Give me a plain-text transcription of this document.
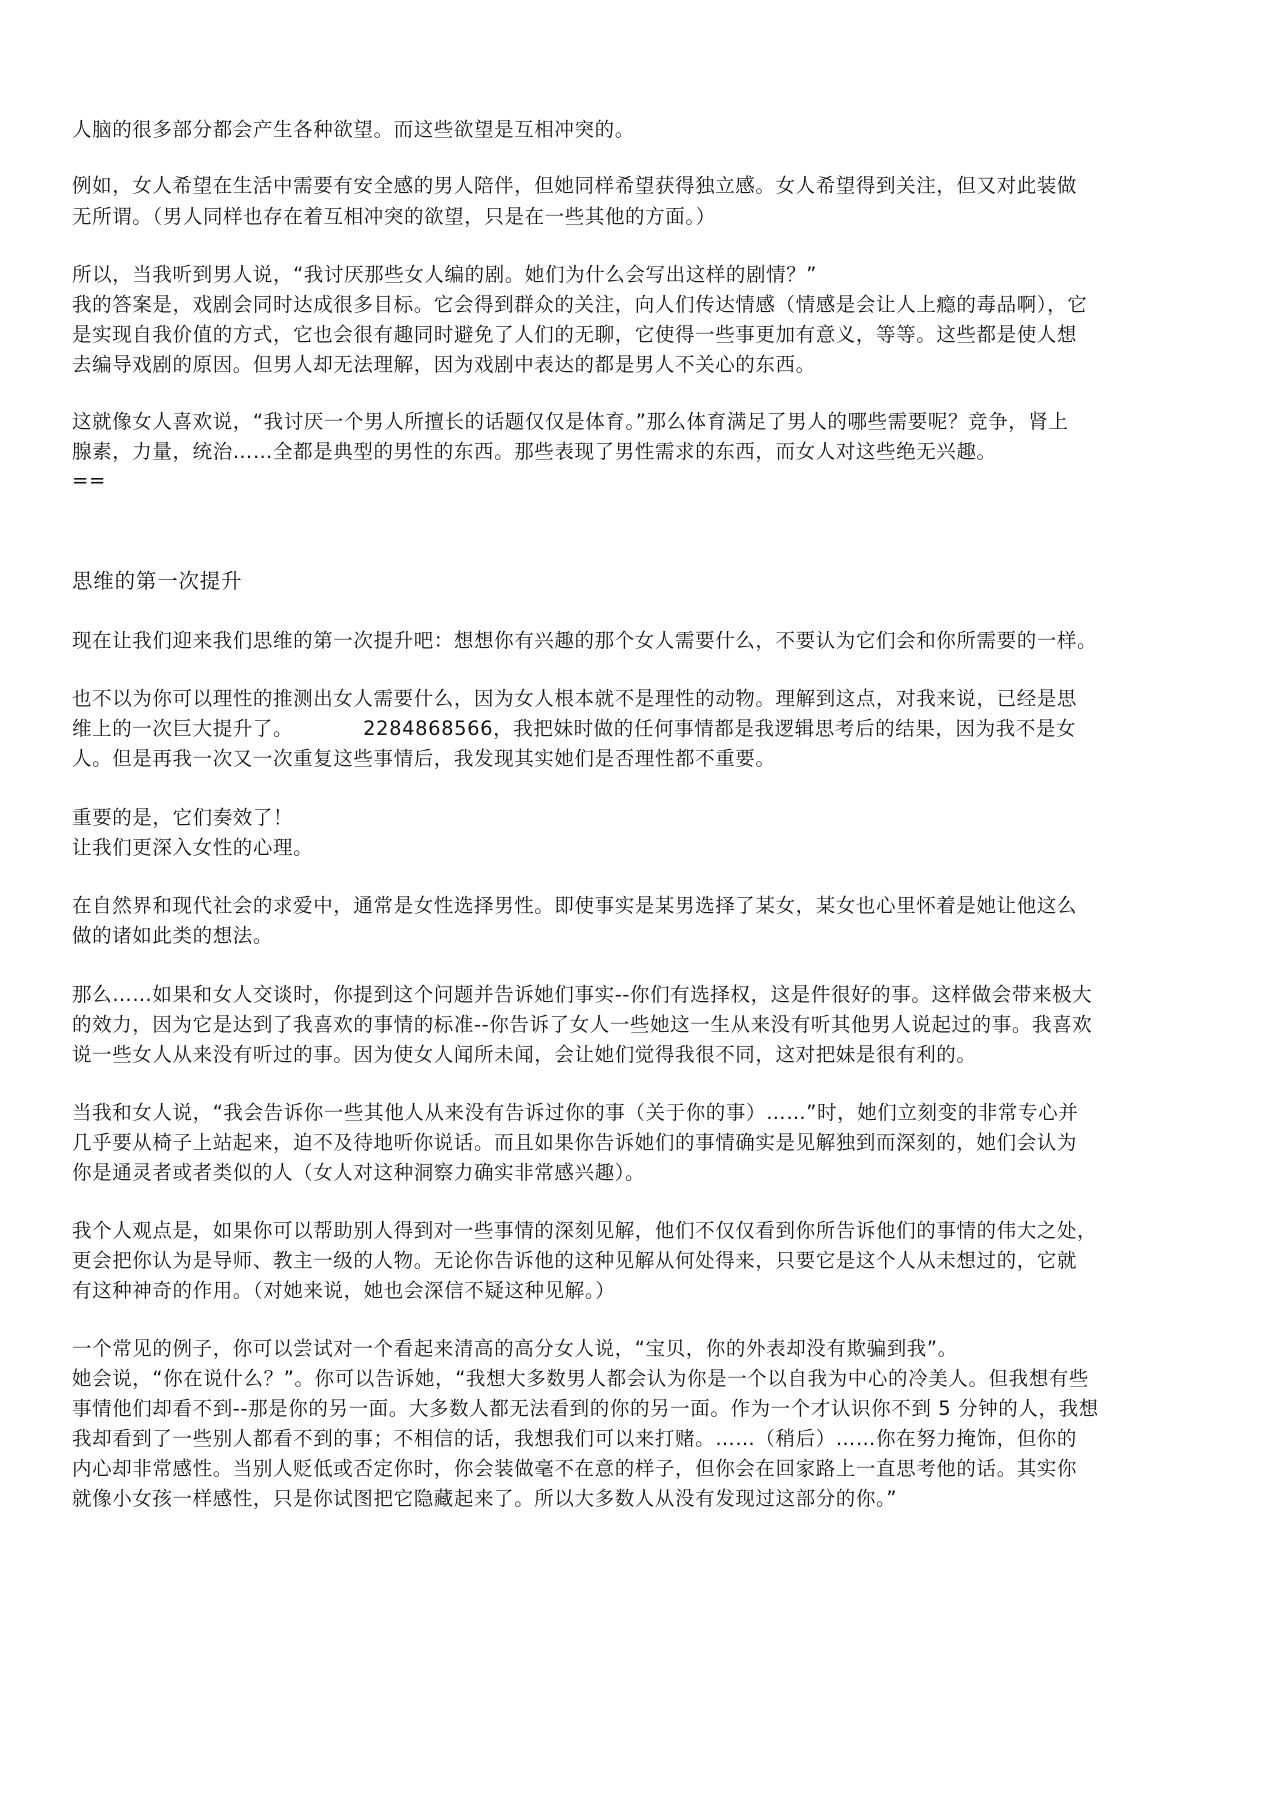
人脑的很多部分都会产生各种欲望。而这些欲望是互相冲突的。
例如，女人希望在生活中需要有安全感的男人陪伴，但她同样希望获得独立感。女人希望得到关注，但又对此装做
无所谓。（男人同样也存在着互相冲突的欲望，只是在一些其他的方面。）
所以，当我听到男人说，“我讨厌那些女人编的剧。她们为什么会写出这样的剧情？”
我的答案是，戏剧会同时达成很多目标。它会得到群众的关注，向人们传达情感（情感是会让人上瘾的毒品啊），它
是实现自我价值的方式，它也会很有趣同时避免了人们的无聊，它使得一些事更加有意义，等等。这些都是使人想
去编导戏剧的原因。但男人却无法理解，因为戏剧中表达的都是男人不关心的东西。
这就像女人喜欢说，“我讨厌一个男人所擅长的话题仅仅是体育。”那么体育满足了男人的哪些需要呢？竞争，肾上
腺素，力量，统治……全都是典型的男性的东西。那些表现了男性需求的东西，而女人对这些绝无兴趣。
==
思维的第一次提升
现在让我们迎来我们思维的第一次提升吧：想想你有兴趣的那个女人需要什么，不要认为它们会和你所需要的一样。
也不以为你可以理性的推测出女人需要什么，因为女人根本就不是理性的动物。理解到这点，对我来说，已经是思
维上的一次巨大提升了。	2284868566，我把妹时做的任何事情都是我逻辑思考后的结果，因为我不是女
人。但是再我一次又一次重复这些事情后，我发现其实她们是否理性都不重要。
重要的是，它们奏效了！
让我们更深入女性的心理。
在自然界和现代社会的求爱中，通常是女性选择男性。即使事实是某男选择了某女，某女也心里怀着是她让他这么
做的诸如此类的想法。
那么……如果和女人交谈时，你提到这个问题并告诉她们事实--你们有选择权，这是件很好的事。这样做会带来极大
的效力，因为它是达到了我喜欢的事情的标准--你告诉了女人一些她这一生从来没有听其他男人说起过的事。我喜欢
说一些女人从来没有听过的事。因为使女人闻所未闻，会让她们觉得我很不同，这对把妹是很有利的。
当我和女人说，“我会告诉你一些其他人从来没有告诉过你的事（关于你的事）……”时，她们立刻变的非常专心并
几乎要从椅子上站起来，迫不及待地听你说话。而且如果你告诉她们的事情确实是见解独到而深刻的，她们会认为
你是通灵者或者类似的人（女人对这种洞察力确实非常感兴趣）。
我个人观点是，如果你可以帮助别人得到对一些事情的深刻见解，他们不仅仅看到你所告诉他们的事情的伟大之处，
更会把你认为是导师、教主一级的人物。无论你告诉他的这种见解从何处得来，只要它是这个人从未想过的，它就
有这种神奇的作用。（对她来说，她也会深信不疑这种见解。）
一个常见的例子，你可以尝试对一个看起来清高的高分女人说，“宝贝，你的外表却没有欺骗到我”。
她会说，“你在说什么？”。你可以告诉她，“我想大多数男人都会认为你是一个以自我为中心的冷美人。但我想有些
事情他们却看不到--那是你的另一面。大多数人都无法看到的你的另一面。作为一个才认识你不到 5 分钟的人，我想
我却看到了一些别人都看不到的事；不相信的话，我想我们可以来打赌。……（稍后）……你在努力掩饰，但你的
内心却非常感性。当别人贬低或否定你时，你会装做毫不在意的样子，但你会在回家路上一直思考他的话。其实你
就像小女孩一样感性，只是你试图把它隐藏起来了。所以大多数人从没有发现过这部分的你。”
